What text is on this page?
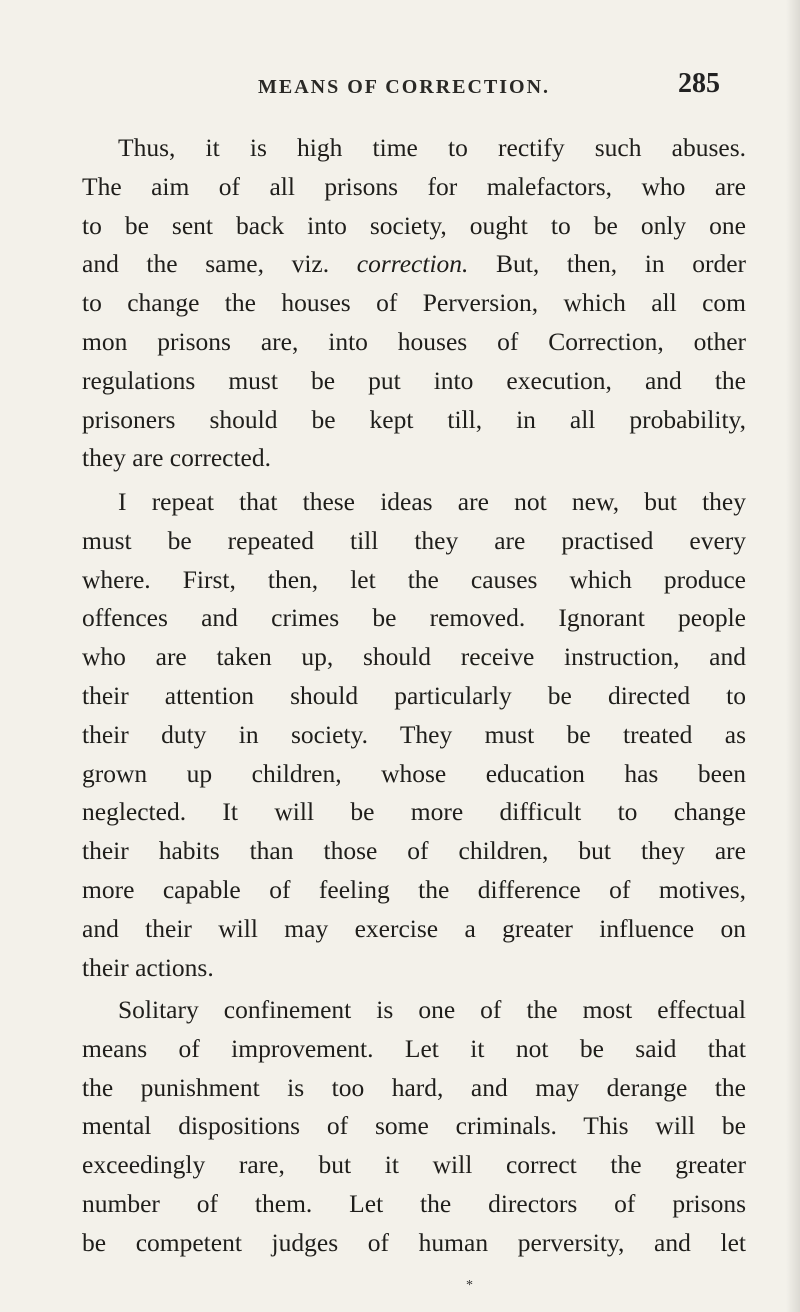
MEANS OF CORRECTION.	285
Thus, it is high time to rectify such abuses.
The aim of all prisons for malefactors, who are
to be sent back into society, ought to be only one
and the same, viz. correction. But, then, in order
to change the houses of Perversion, which all com
mon prisons are, into houses of Correction, other
regulations must be put into execution, and the
prisoners should be kept till, in all probability,
they are corrected.
I repeat that these ideas are not new, but they
must be repeated till they are practised every
where. First, then, let the causes which produce
offences and crimes be removed. Ignorant people
who are taken up, should receive instruction, and
their attention should particularly be directed to
their duty in society. They must be treated as
grown up children, whose education has been
neglected. It will be more difficult to change
their habits than those of children, but they are
more capable of feeling the difference of motives,
and their will may exercise a greater influence on
their actions.
Solitary confinement is one of the most effectual
means of improvement. Let it not be said that
the punishment is too hard, and may derange the
mental dispositions of some criminals. This will be
exceedingly rare, but it will correct the greater
number of them. Let the directors of prisons
be competent judges of human perversity, and let
*
